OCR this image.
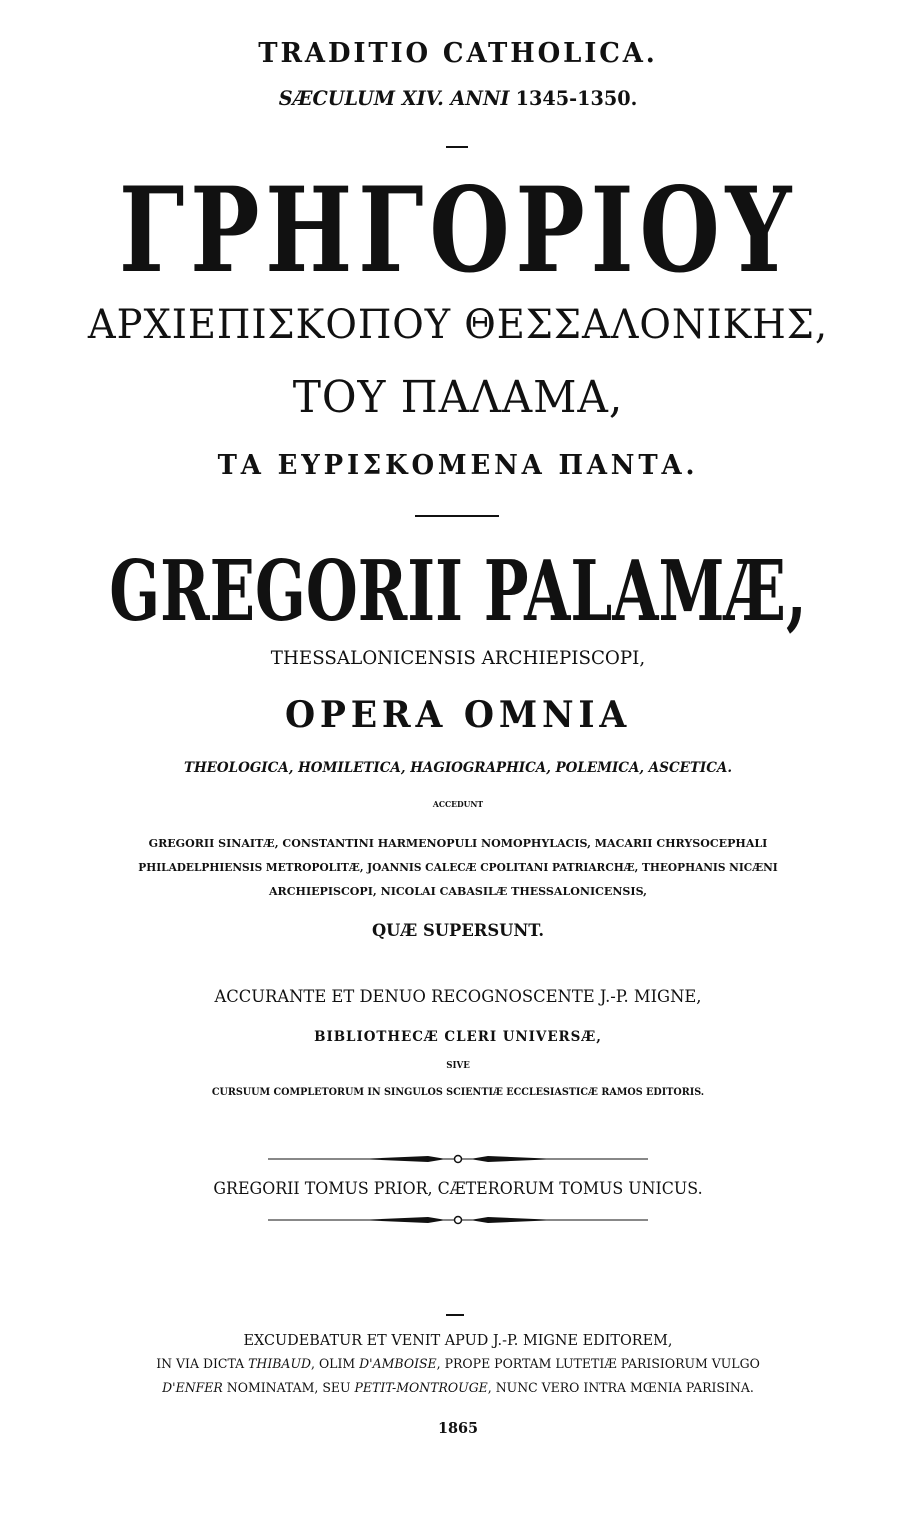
TRADITIO CATHOLICA.
SÆCULUM XIV. ANNI 1345-1350.
ΓΡΗΓΟΡΙΟΥ
ΑΡΧΙΕΠΙΣΚΟΠΟΥ ΘΕΣΣΑΛΟΝΙΚΗΣ,
ΤΟΥ ΠΑΛΑΜΑ,
ΤΑ ΕΥΡΙΣΚΟΜΕΝΑ ΠΑΝΤΑ.
GREGORII PALAMÆ,
THESSALONICENSIS ARCHIEPISCOPI,
OPERA OMNIA
THEOLOGICA, HOMILETICA, HAGIOGRAPHICA, POLEMICA, ASCETICA.
ACCEDUNT
GREGORII SINAITÆ, CONSTANTINI HARMENOPULI NOMOPHYLACIS, MACARII CHRYSOCEPHALI
PHILADELPHIENSIS METROPOLITÆ, JOANNIS CALECÆ CPOLITANI PATRIARCHÆ, THEOPHANIS NICÆNI
ARCHIEPISCOPI, NICOLAI CABASILÆ THESSALONICENSIS,
QUÆ SUPERSUNT.
ACCURANTE ET DENUO RECOGNOSCENTE J.-P. MIGNE,
BIBLIOTHECÆ CLERI UNIVERSÆ,
SIVE
CURSUUM COMPLETORUM IN SINGULOS SCIENTIÆ ECCLESIASTICÆ RAMOS EDITORIS.
GREGORII TOMUS PRIOR, CÆTERORUM TOMUS UNICUS.
EXCUDEBATUR ET VENIT APUD J.-P. MIGNE EDITOREM,
IN VIA DICTA THIBAUD, OLIM D'AMBOISE, PROPE PORTAM LUTETIÆ PARISIORUM VULGO
D'ENFER NOMINATAM, SEU PETIT-MONTROUGE, NUNC VERO INTRA MŒNIA PARISINA.
1865
